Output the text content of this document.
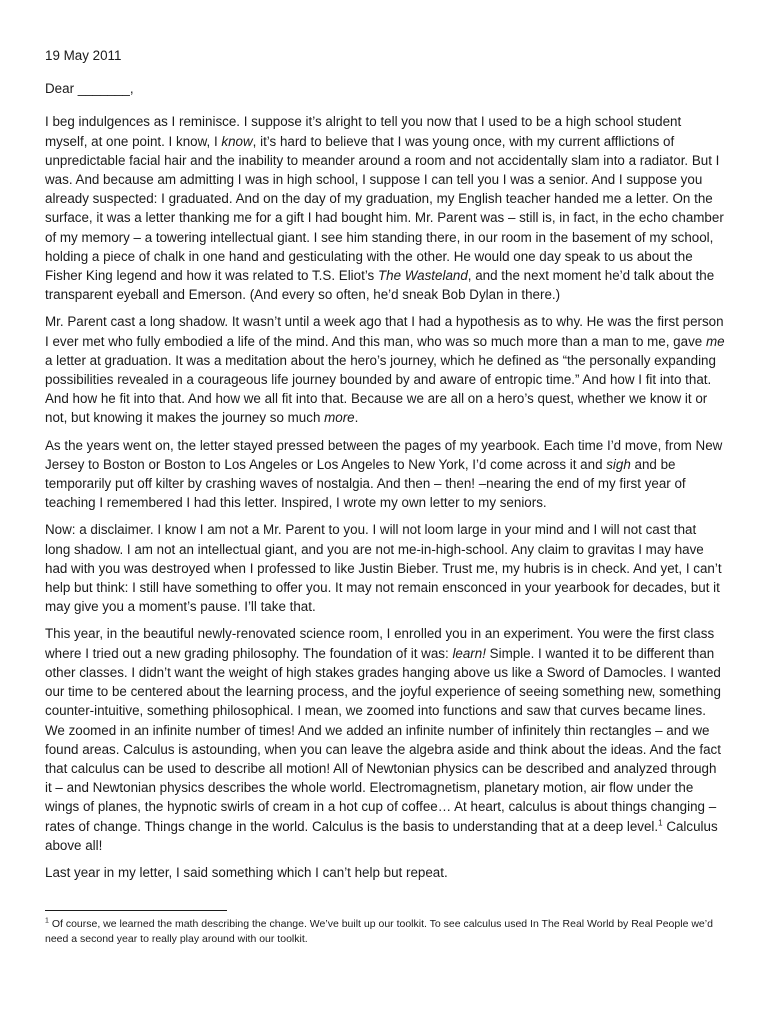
19 May 2011

Dear _______,

I beg indulgences as I reminisce. I suppose it’s alright to tell you now that I used to be a high school student myself, at one point. I know, I know, it’s hard to believe that I was young once, with my current afflictions of unpredictable facial hair and the inability to meander around a room and not accidentally slam into a radiator. But I was. And because am admitting I was in high school, I suppose I can tell you I was a senior. And I suppose you already suspected: I graduated. And on the day of my graduation, my English teacher handed me a letter. On the surface, it was a letter thanking me for a gift I had bought him. Mr. Parent was – still is, in fact, in the echo chamber of my memory – a towering intellectual giant. I see him standing there, in our room in the basement of my school, holding a piece of chalk in one hand and gesticulating with the other. He would one day speak to us about the Fisher King legend and how it was related to T.S. Eliot’s The Wasteland, and the next moment he’d talk about the transparent eyeball and Emerson. (And every so often, he’d sneak Bob Dylan in there.)

Mr. Parent cast a long shadow. It wasn’t until a week ago that I had a hypothesis as to why. He was the first person I ever met who fully embodied a life of the mind. And this man, who was so much more than a man to me, gave me a letter at graduation. It was a meditation about the hero’s journey, which he defined as “the personally expanding possibilities revealed in a courageous life journey bounded by and aware of entropic time.” And how I fit into that. And how he fit into that. And how we all fit into that. Because we are all on a hero’s quest, whether we know it or not, but knowing it makes the journey so much more.

As the years went on, the letter stayed pressed between the pages of my yearbook. Each time I’d move, from New Jersey to Boston or Boston to Los Angeles or Los Angeles to New York, I’d come across it and sigh and be temporarily put off kilter by crashing waves of nostalgia. And then – then! –nearing the end of my first year of teaching I remembered I had this letter. Inspired, I wrote my own letter to my seniors.

Now: a disclaimer. I know I am not a Mr. Parent to you. I will not loom large in your mind and I will not cast that long shadow. I am not an intellectual giant, and you are not me-in-high-school. Any claim to gravitas I may have had with you was destroyed when I professed to like Justin Bieber. Trust me, my hubris is in check. And yet, I can’t help but think: I still have something to offer you. It may not remain ensconced in your yearbook for decades, but it may give you a moment’s pause. I’ll take that.

This year, in the beautiful newly-renovated science room, I enrolled you in an experiment. You were the first class where I tried out a new grading philosophy. The foundation of it was: learn! Simple. I wanted it to be different than other classes. I didn’t want the weight of high stakes grades hanging above us like a Sword of Damocles. I wanted our time to be centered about the learning process, and the joyful experience of seeing something new, something counter-intuitive, something philosophical. I mean, we zoomed into functions and saw that curves became lines. We zoomed in an infinite number of times! And we added an infinite number of infinitely thin rectangles – and we found areas. Calculus is astounding, when you can leave the algebra aside and think about the ideas. And the fact that calculus can be used to describe all motion! All of Newtonian physics can be described and analyzed through it – and Newtonian physics describes the whole world. Electromagnetism, planetary motion, air flow under the wings of planes, the hypnotic swirls of cream in a hot cup of coffee… At heart, calculus is about things changing – rates of change. Things change in the world. Calculus is the basis to understanding that at a deep level.$^1$ Calculus above all!

Last year in my letter, I said something which I can’t help but repeat.

$^1$ Of course, we learned the math describing the change. We’ve built up our toolkit. To see calculus used In The Real World by Real People we’d need a second year to really play around with our toolkit.
